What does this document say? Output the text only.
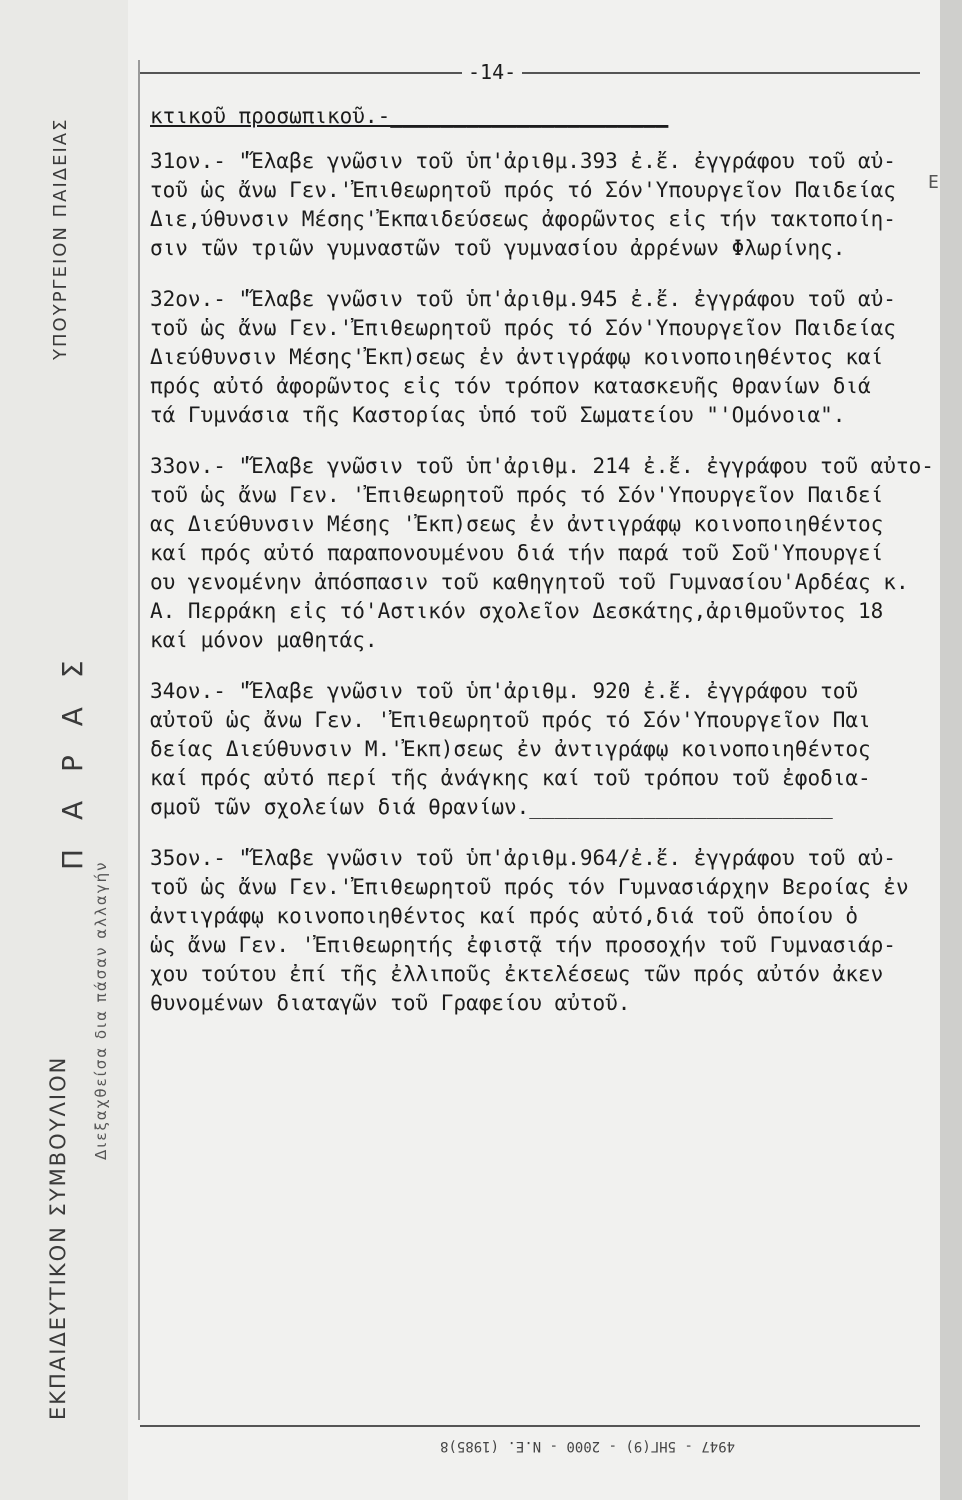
ΕΚΠΑΙΔΕΥΤΙΚΟΝ ΣΥΜΒΟΥΛΙΟΝ
ΥΠΟΥΡΓΕΙΟΝ ΠΑΙΔΕΙΑΣ
Διεξαχθείσα δια πάσαν αλλαγήν
Π Α Ρ Α Σ
-14-
κτικοῦ προσωπικοῦ.-______________________
31ον.- "Ἔλαβε γνῶσιν τοῦ ὑπ'ἀριθμ.393 ἐ.ἔ. ἐγγράφου τοῦ αὐ-
τοῦ ὡς ἄνω Γεν.'Ἐπιθεωρητοῦ πρός τό Σόν'Υπουργεῖον Παιδείας
Διε,ύθυνσιν Μέσης'Ἐκπαιδεύσεως ἀφορῶντος εἰς τήν τακτοποίη-
σιν τῶν τριῶν γυμναστῶν τοῦ γυμνασίου ἀρρένων Φλωρίνης.
32ον.- "Ἔλαβε γνῶσιν τοῦ ὑπ'ἀριθμ.945 ἐ.ἔ. ἐγγράφου τοῦ αὐ-
τοῦ ὡς ἄνω Γεν.'Ἐπιθεωρητοῦ πρός τό Σόν'Υπουργεῖον Παιδείας
Διεύθυνσιν Μέσης'Ἐκπ)σεως ἐν ἀντιγράφῳ κοινοποιηθέντος καί
πρός αὐτό ἀφορῶντος εἰς τόν τρόπον κατασκευῆς θρανίων διά
τά Γυμνάσια τῆς Καστορίας ὑπό τοῦ Σωματείου "'Ομόνοια".
33ον.- "Ἔλαβε γνῶσιν τοῦ ὑπ'ἀριθμ. 214 ἐ.ἔ. ἐγγράφου τοῦ αὐτο-
τοῦ ὡς ἄνω Γεν. 'Ἐπιθεωρητοῦ πρός τό Σόν'Υπουργεῖον Παιδεί
ας Διεύθυνσιν Μέσης 'Ἐκπ)σεως ἐν ἀντιγράφῳ κοινοποιηθέντος
καί πρός αὐτό παραπονουμένου διά τήν παρά τοῦ Σοῦ'Υπουργεί
ου γενομένην ἀπόσπασιν τοῦ καθηγητοῦ τοῦ Γυμνασίου'Αρδέας κ.
Α. Περράκη εἰς τό'Αστικόν σχολεῖον Δεσκάτης,ἀριθμοῦντος 18
καί μόνον μαθητάς.
34ον.- "Ἔλαβε γνῶσιν τοῦ ὑπ'ἀριθμ. 920 ἐ.ἔ. ἐγγράφου τοῦ
αὐτοῦ ὡς ἄνω Γεν. 'Ἐπιθεωρητοῦ πρός τό Σόν'Υπουργεῖον Παι
δείας Διεύθυνσιν Μ.'Ἐκπ)σεως ἐν ἀντιγράφῳ κοινοποιηθέντος
καί πρός αὐτό περί τῆς ἀνάγκης καί τοῦ τρόπου τοῦ ἐφοδια-
σμοῦ τῶν σχολείων διά θρανίων.________________________
35ον.- "Ἔλαβε γνῶσιν τοῦ ὑπ'ἀριθμ.964/ἐ.ἔ. ἐγγράφου τοῦ αὐ-
τοῦ ὡς ἄνω Γεν.'Ἐπιθεωρητοῦ πρός τόν Γυμνασιάρχην Βεροίας ἐν
ἀντιγράφῳ κοινοποιηθέντος καί πρός αὐτό,διά τοῦ ὁποίου ὁ
ὡς ἄνω Γεν. 'Ἐπιθεωρητής ἐφιστᾷ τήν προσοχήν τοῦ Γυμνασιάρ-
χου τούτου ἐπί τῆς ἐλλιποῦς ἐκτελέσεως τῶν πρός αὐτόν ἀκεν
θυνομένων διαταγῶν τοῦ Γραφείου αὐτοῦ.
Ε
4947 - 5ΗΓ(9) - 2000 - Ν.Ε. (1985)8
